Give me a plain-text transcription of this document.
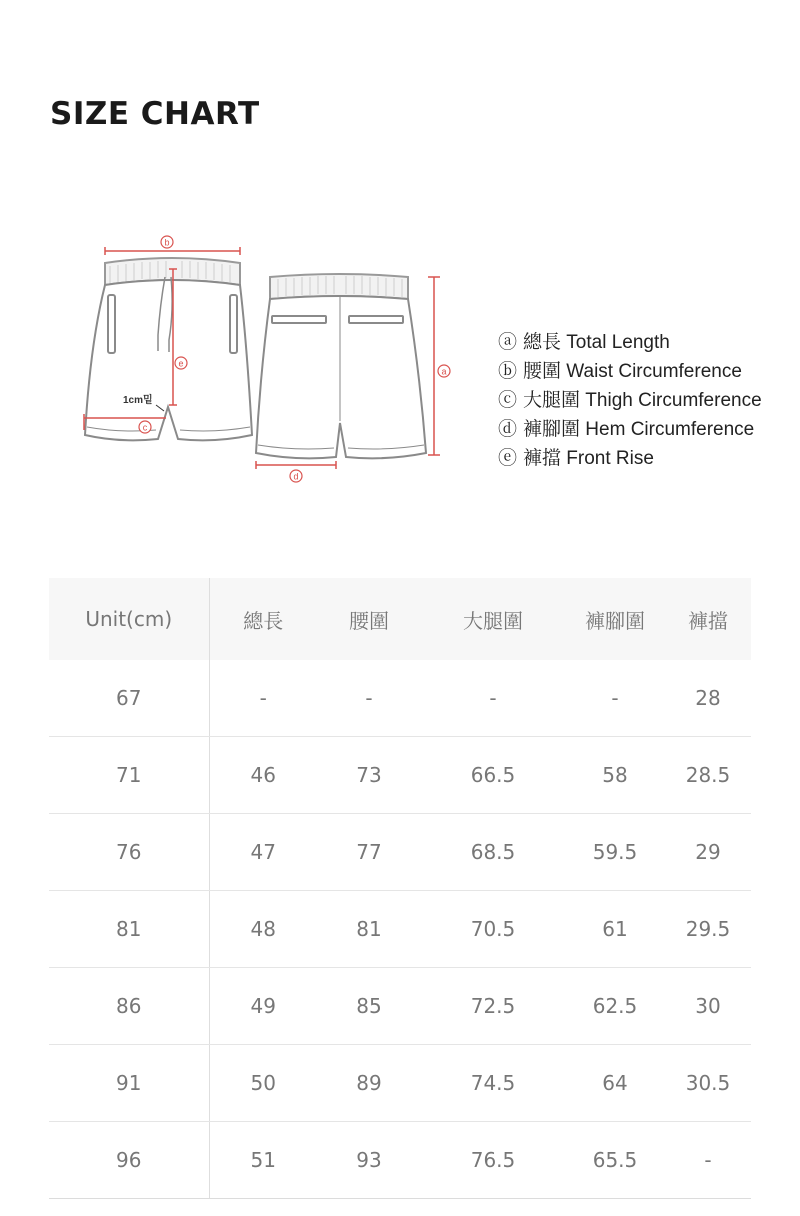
SIZE CHART
b
e
c
d
a
1cm밑
ⓐ 總長 Total Length
ⓑ 腰圍 Waist Circumference
ⓒ 大腿圍 Thigh Circumference
ⓓ 褲腳圍 Hem Circumference
ⓔ 褲擋 Front Rise
Unit(cm)	總長	腰圍	大腿圍	褲腳圍	褲擋
67	-	-	-	-	28
71	46	73	66.5	58	28.5
76	47	77	68.5	59.5	29
81	48	81	70.5	61	29.5
86	49	85	72.5	62.5	30
91	50	89	74.5	64	30.5
96	51	93	76.5	65.5	-
